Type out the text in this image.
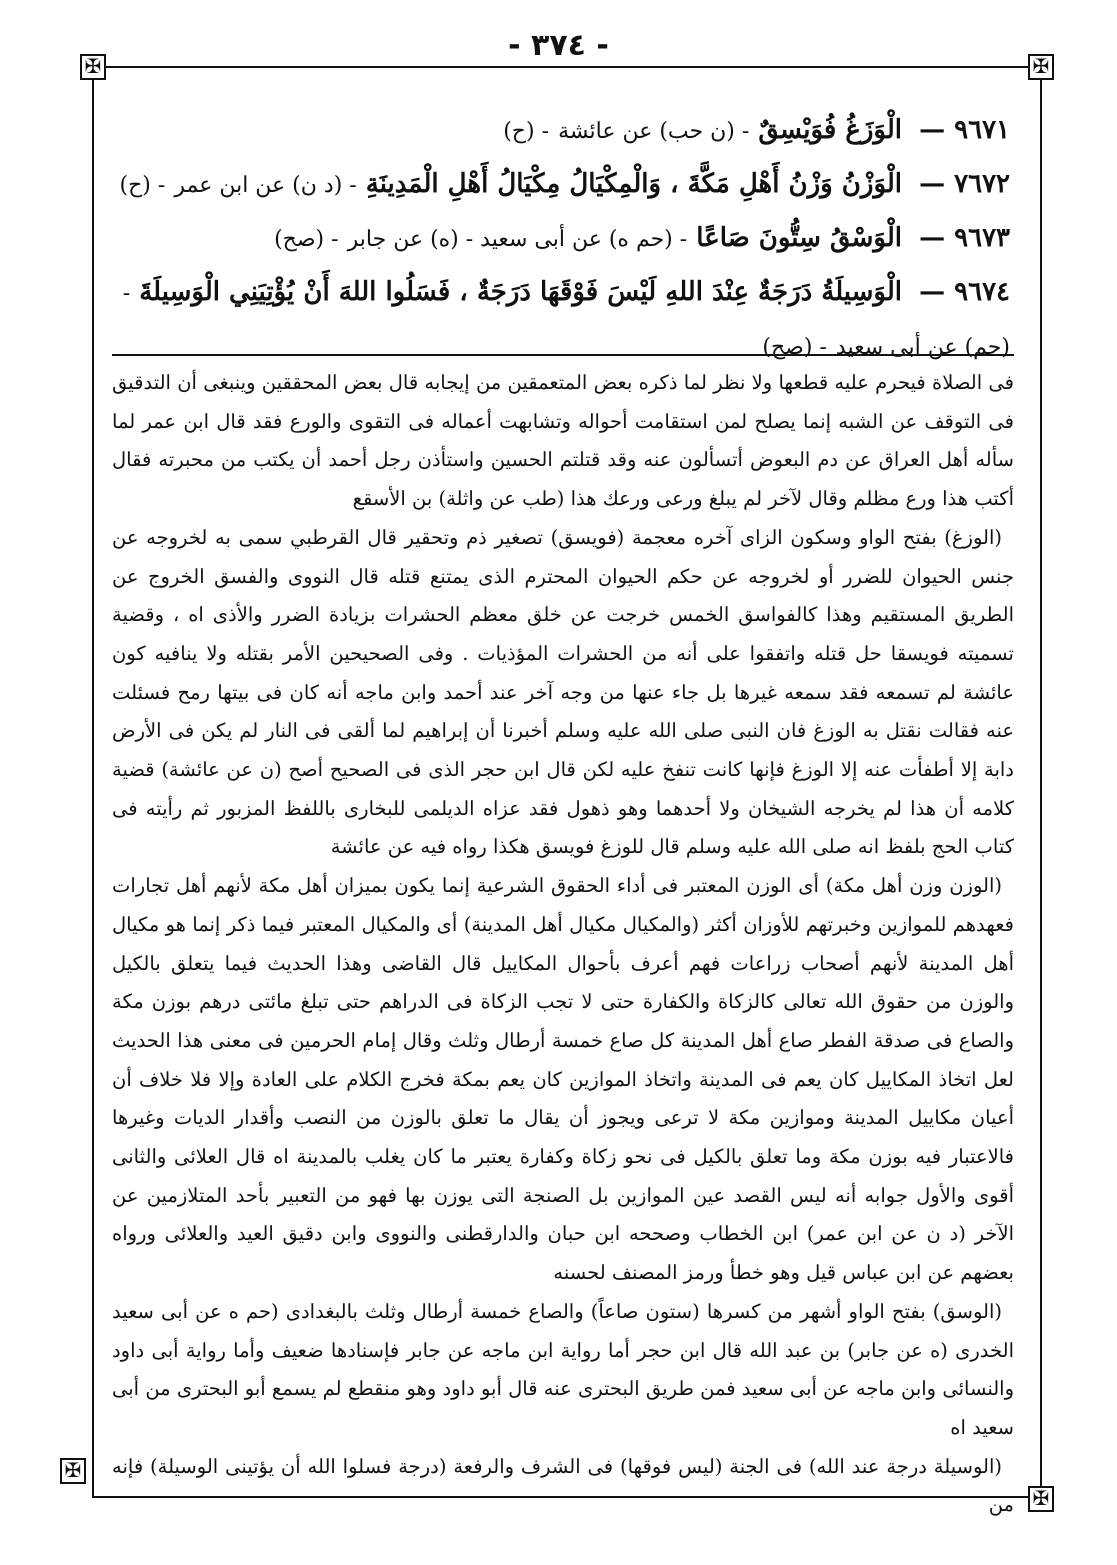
✠	✠
✠
✠
- ٣٧٤ -

٩٦٧١ — الْوَزَغُ فُوَيْسِقٌ - (ن حب) عن عائشة - (ح)

٧٦٧٢ — الْوَزْنُ وَزْنُ أَهْلِ مَكَّةَ ، وَالْمِكْيَالُ مِكْيَالُ أَهْلِ الْمَدِينَةِ - (د ن) عن ابن عمر - (ح)

٩٦٧٣ — الْوَسْقُ سِتُّونَ صَاعًا - (حم ه) عن أبى سعيد - (ه) عن جابر - (صح)

٩٦٧٤ — الْوَسِيلَةُ دَرَجَةٌ عِنْدَ اللهِ لَيْسَ فَوْقَهَا دَرَجَةٌ ، فَسَلُوا اللهَ أَنْ يُؤْتِيَنِي الْوَسِيلَةَ - (حم) عن أبى سعيد - (صح)

فى الصلاة فيحرم عليه قطعها ولا نظر لما ذكره بعض المتعمقين من إيجابه قال بعض المحققين وينبغى أن التدقيق فى التوقف عن الشبه إنما يصلح لمن استقامت أحواله وتشابهت أعماله فى التقوى والورع فقد قال ابن عمر لما سأله أهل العراق عن دم البعوض أتسألون عنه وقد قتلتم الحسين واستأذن رجل أحمد أن يكتب من محبرته فقال أكتب هذا ورع مظلم وقال لآخر لم يبلغ ورعى ورعك هذا (طب عن واثلة) بن الأسقع

(الوزغ) بفتح الواو وسكون الزاى آخره معجمة (فويسق) تصغير ذم وتحقير قال القرطبي سمى به لخروجه عن جنس الحيوان للضرر أو لخروجه عن حكم الحيوان المحترم الذى يمتنع قتله قال النووى والفسق الخروج عن الطريق المستقيم وهذا كالفواسق الخمس خرجت عن خلق معظم الحشرات بزيادة الضرر والأذى اه ، وقضية تسميته فويسقا حل قتله واتفقوا على أنه من الحشرات المؤذيات . وفى الصحيحين الأمر بقتله ولا ينافيه كون عائشة لم تسمعه فقد سمعه غيرها بل جاء عنها من وجه آخر عند أحمد وابن ماجه أنه كان فى بيتها رمح فسئلت عنه فقالت نقتل به الوزغ فان النبى صلى الله عليه وسلم أخبرنا أن إبراهيم لما ألقى فى النار لم يكن فى الأرض دابة إلا أطفأت عنه إلا الوزغ فإنها كانت تنفخ عليه لكن قال ابن حجر الذى فى الصحيح أصح (ن عن عائشة) قضية كلامه أن هذا لم يخرجه الشيخان ولا أحدهما وهو ذهول فقد عزاه الديلمى للبخارى باللفظ المزبور ثم رأيته فى كتاب الحج بلفظ انه صلى الله عليه وسلم قال للوزغ فويسق هكذا رواه فيه عن عائشة

(الوزن وزن أهل مكة) أى الوزن المعتبر فى أداء الحقوق الشرعية إنما يكون بميزان أهل مكة لأنهم أهل تجارات فعهدهم للموازين وخبرتهم للأوزان أكثر (والمكيال مكيال أهل المدينة) أى والمكيال المعتبر فيما ذكر إنما هو مكيال أهل المدينة لأنهم أصحاب زراعات فهم أعرف بأحوال المكاييل قال القاضى وهذا الحديث فيما يتعلق بالكيل والوزن من حقوق الله تعالى كالزكاة والكفارة حتى لا تجب الزكاة فى الدراهم حتى تبلغ مائتى درهم بوزن مكة والصاع فى صدقة الفطر صاع أهل المدينة كل صاع خمسة أرطال وثلث وقال إمام الحرمين فى معنى هذا الحديث لعل اتخاذ المكاييل كان يعم فى المدينة واتخاذ الموازين كان يعم بمكة فخرج الكلام على العادة وإلا فلا خلاف أن أعيان مكاييل المدينة وموازين مكة لا ترعى ويجوز أن يقال ما تعلق بالوزن من النصب وأقدار الديات وغيرها فالاعتبار فيه بوزن مكة وما تعلق بالكيل فى نحو زكاة وكفارة يعتبر ما كان يغلب بالمدينة اه قال العلائى والثانى أقوى والأول جوابه أنه ليس القصد عين الموازين بل الصنجة التى يوزن بها فهو من التعبير بأحد المتلازمين عن الآخر (د ن عن ابن عمر) ابن الخطاب وصححه ابن حبان والدارقطنى والنووى وابن دقيق العيد والعلائى ورواه بعضهم عن ابن عباس قيل وهو خطأ ورمز المصنف لحسنه

(الوسق) بفتح الواو أشهر من كسرها (ستون صاعاً) والصاع خمسة أرطال وثلث بالبغدادى (حم ه عن أبى سعيد الخدرى (ه عن جابر) بن عبد الله قال ابن حجر أما رواية ابن ماجه عن جابر فإسنادها ضعيف وأما رواية أبى داود والنسائى وابن ماجه عن أبى سعيد فمن طريق البحترى عنه قال أبو داود وهو منقطع لم يسمع أبو البحترى من أبى سعيد اه

(الوسيلة درجة عند الله) فى الجنة (ليس فوقها) فى الشرف والرفعة (درجة فسلوا الله أن يؤتينى الوسيلة) فإنه من
